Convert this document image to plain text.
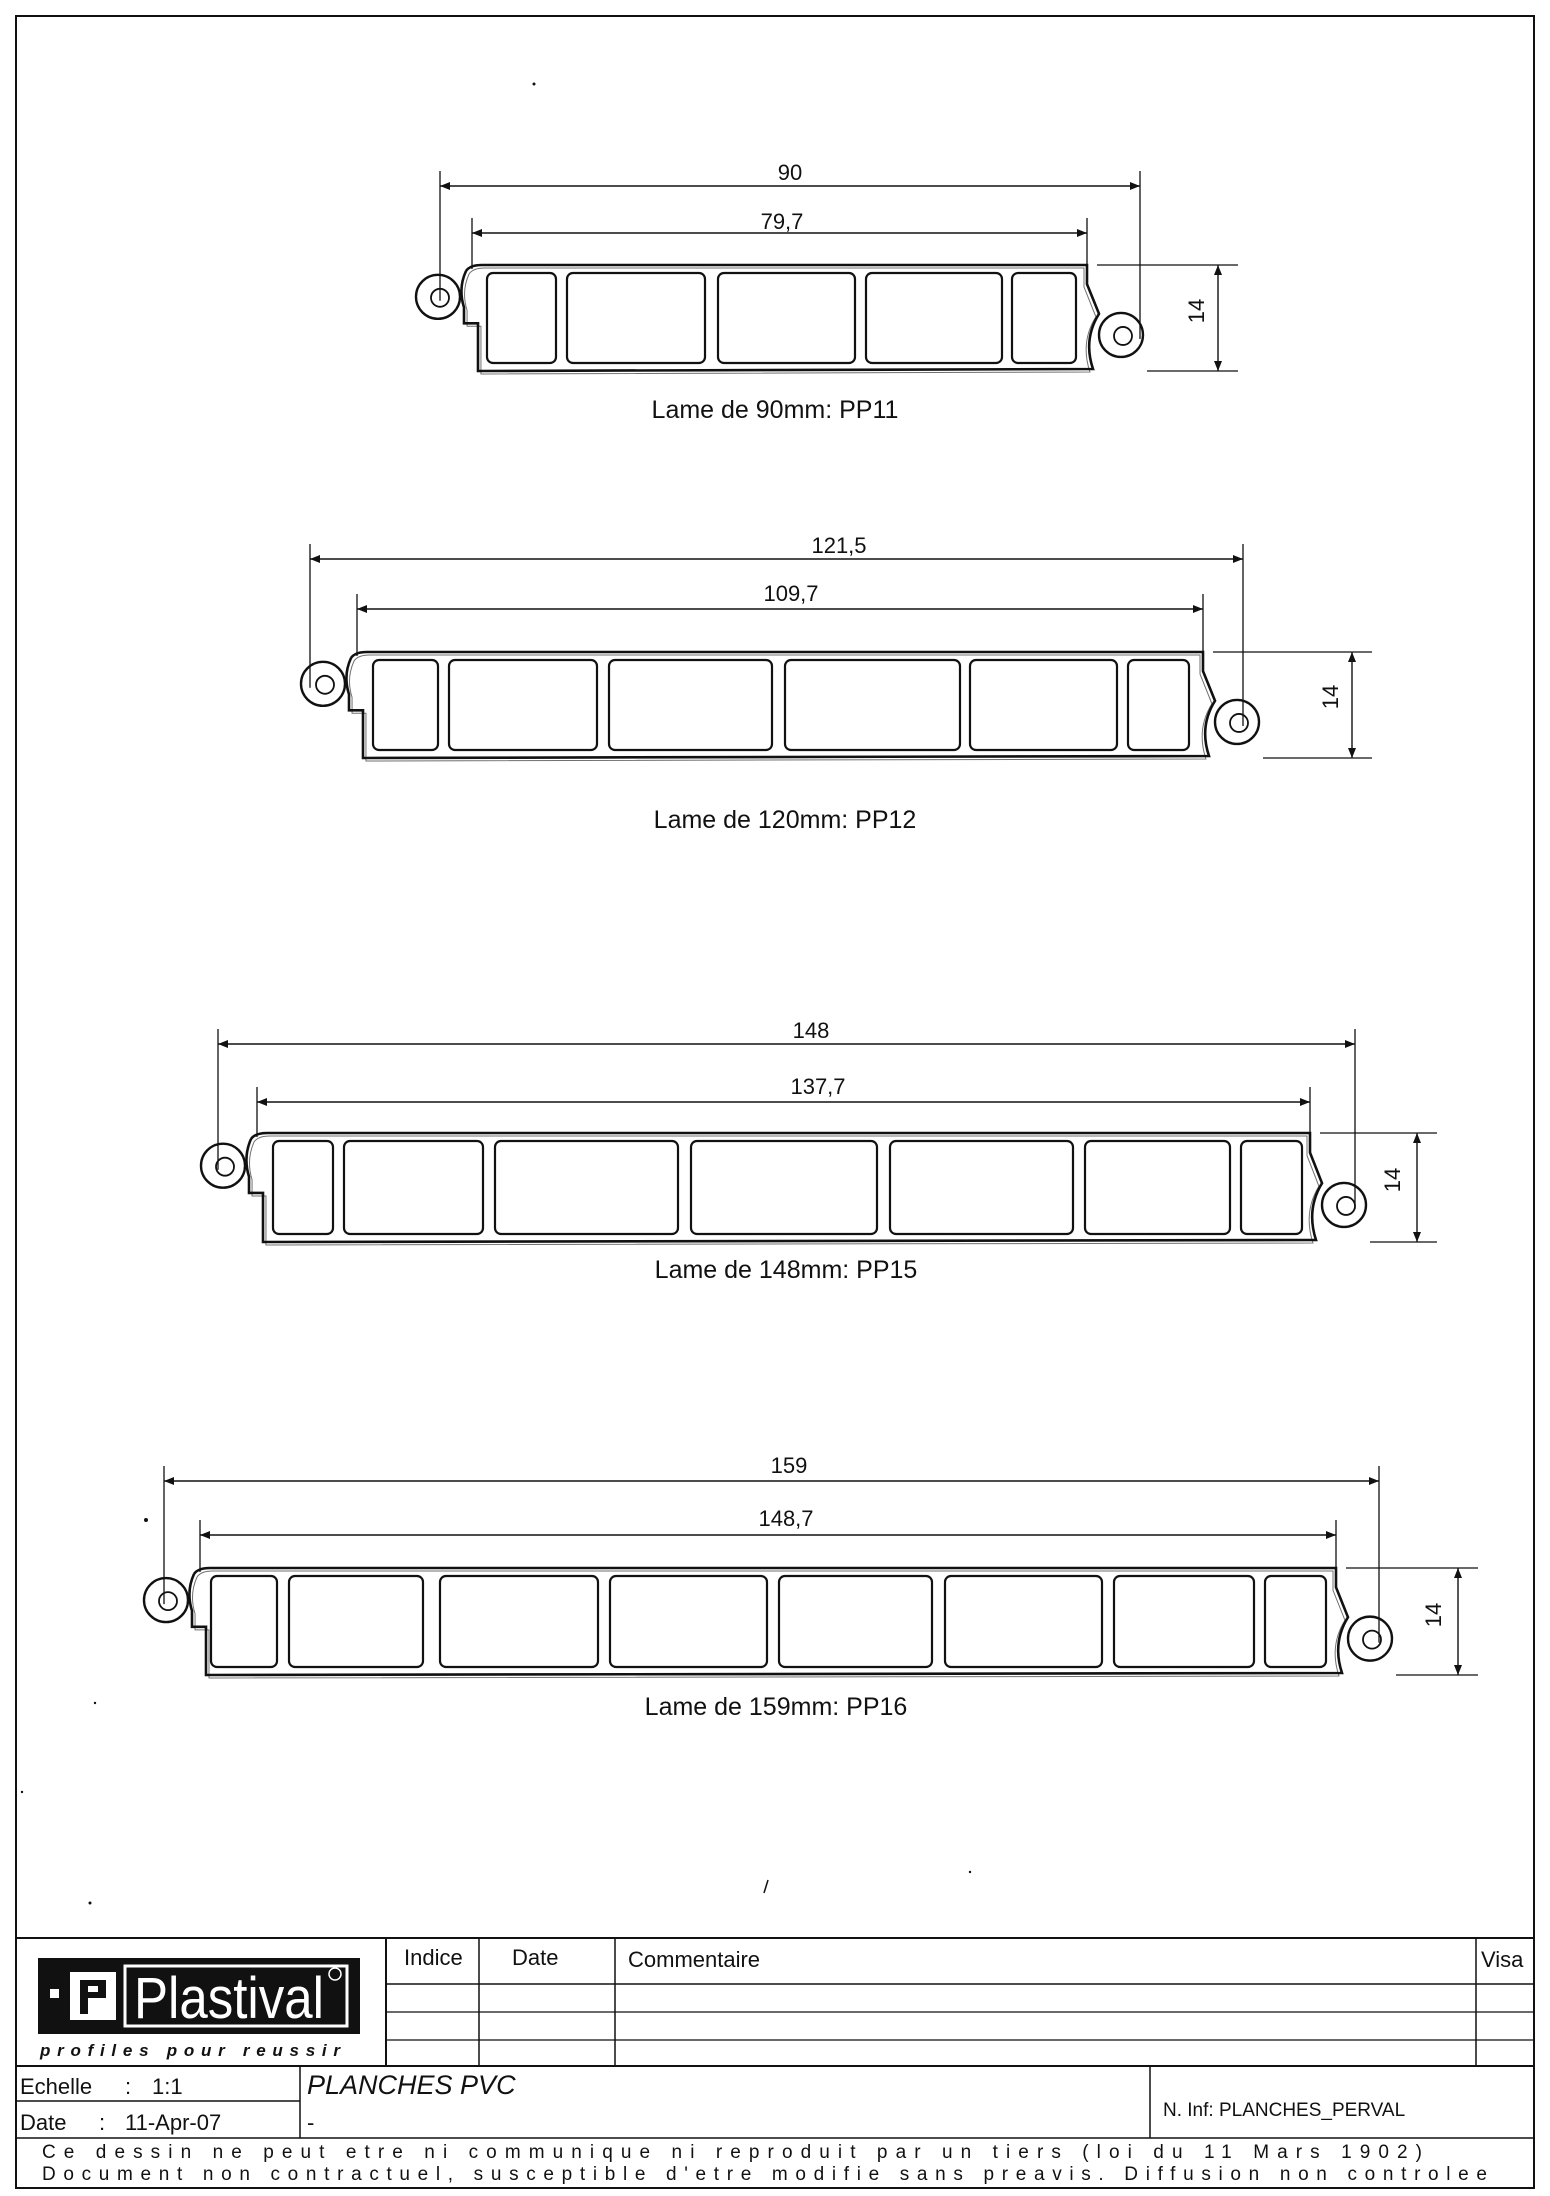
90
79,7
14
Lame de 90mm: PP11
121,5
109,7
14
Lame de 120mm: PP12
148
137,7
14
Lame de 148mm: PP15
159
148,7
14
Lame de 159mm: PP16
Plastival
profiles pour reussir
Indice Date	Commentaire	Visa
Echelle : 1:1
Date : 11-Apr-07
PLANCHES PVC
-	N. Inf: PLANCHES_PERVAL
Ce dessin ne peut etre ni communique ni reproduit par un tiers (loi du 11 Mars 1902)
Document non contractuel, susceptible d'etre modifie sans preavis. Diffusion non controlee
